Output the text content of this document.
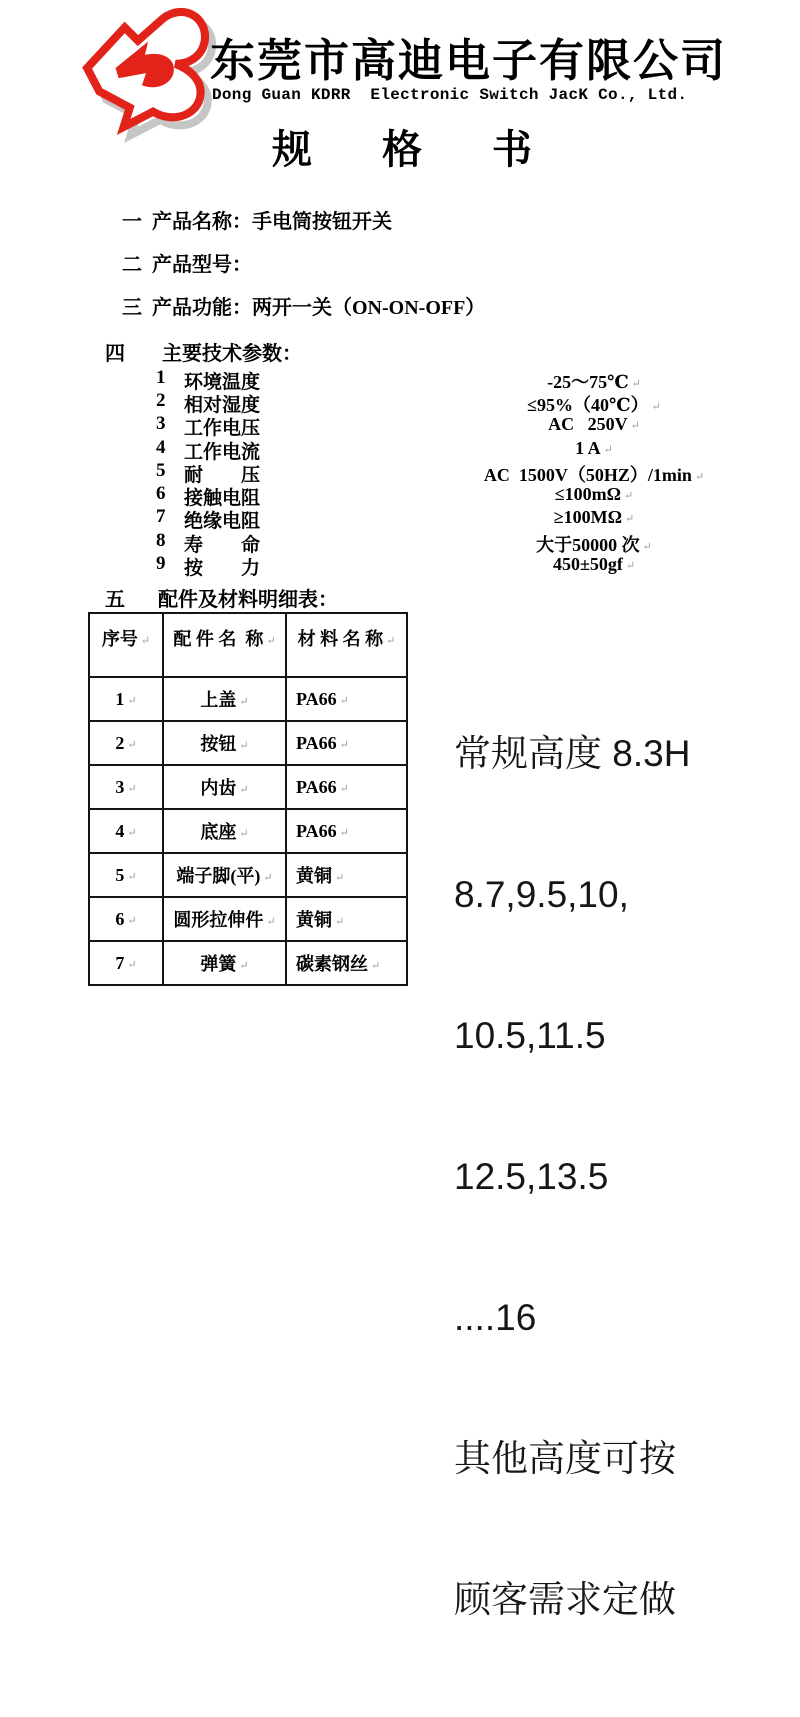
东莞市高迪电子有限公司
Dong Guan KDRR  Electronic Switch JacK Co., Ltd.
规格书
一 产品名称：手电筒按钮开关
二 产品型号：
三 产品功能：两开一关（ON-ON-OFF）
四 主要技术参数：
五 配件及材料明细表：
1 环境温度	-25～75℃ ↵
2 相对湿度	≤95%（40℃） ↵
3 工作电压	AC   250V ↵
4 工作电流	1 A ↵
5 耐　　压	AC  1500V（50HZ）/1min ↵
6 接触电阻	≤100mΩ ↵
7 绝缘电阻	≥100MΩ ↵
8 寿　　命	大于50000 次 ↵
9 按　　力	450±50gf ↵
序号 ↵	配 件 名  称 ↵	材 料 名 称 ↵
1 ↵	上盖 ↵	PA66 ↵
2 ↵	按钮 ↵	PA66 ↵
3 ↵	内齿 ↵	PA66 ↵
4 ↵	底座 ↵	PA66 ↵
5 ↵	端子脚(平) ↵	黄铜 ↵
6 ↵	圆形拉伸件 ↵	黄铜 ↵
7 ↵	弹簧 ↵	碳素钢丝 ↵

常规高度 8.3H

8.7,9.5,10,

10.5,11.5

12.5,13.5

....16

其他高度可按

顾客需求定做
